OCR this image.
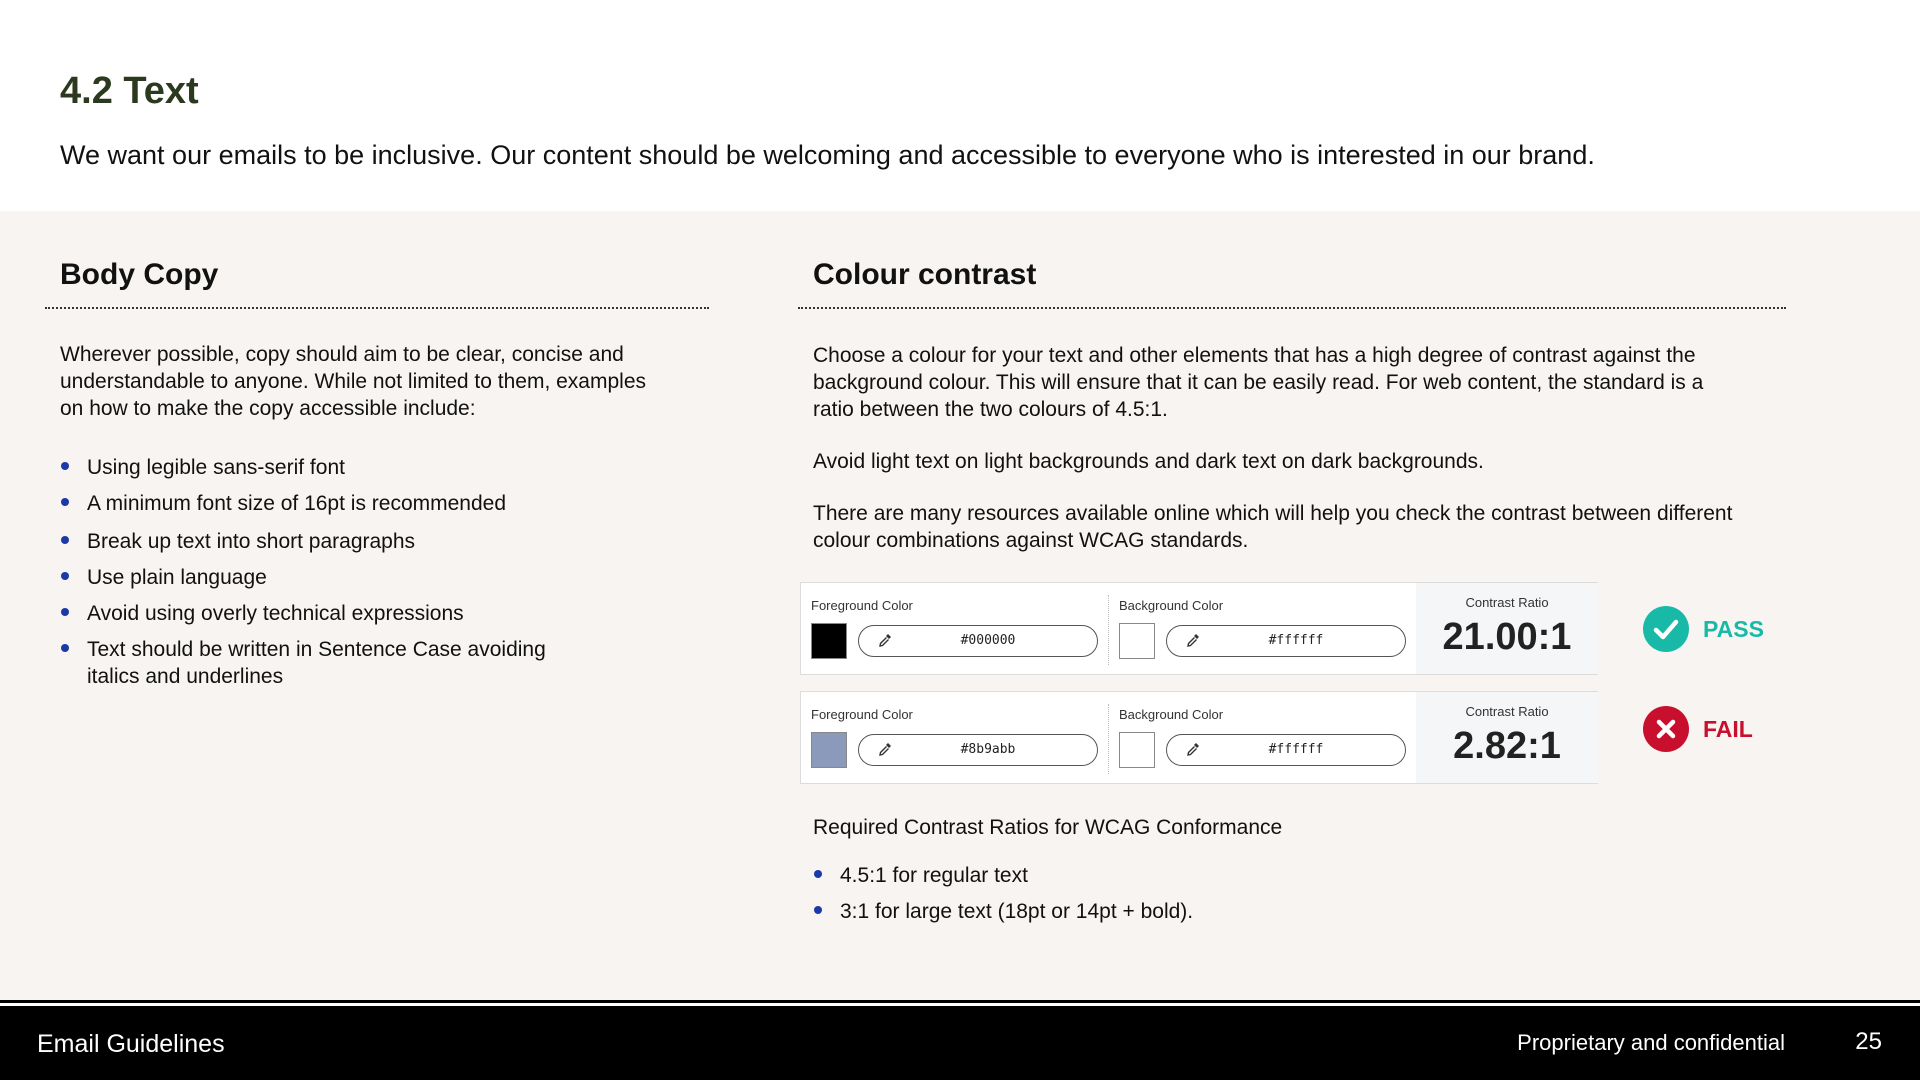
4.2 Text
We want our emails to be inclusive. Our content should be welcoming and accessible to everyone who is interested in our brand.
Body Copy
Wherever possible, copy should aim to be clear, concise and
understandable to anyone. While not limited to them, examples
on how to make the copy accessible include:
Using legible sans-serif font
A minimum font size of 16pt is recommended
Break up text into short paragraphs
Use plain language
Avoid using overly technical expressions
Text should be written in Sentence Case avoiding
italics and underlines
Colour contrast
Choose a colour for your text and other elements that has a high degree of contrast against the
background colour. This will ensure that it can be easily read. For web content, the standard is a
ratio between the two colours of 4.5:1.
Avoid light text on light backgrounds and dark text on dark backgrounds.
There are many resources available online which will help you check the contrast between different
colour combinations against WCAG standards.
Foreground Color
#000000
Background Color
#ffffff
Contrast Ratio
21.00:1	PASS
Foreground Color
#8b9abb
Background Color
#ffffff
Contrast Ratio
2.82:1	FAIL
Required Contrast Ratios for WCAG Conformance
4.5:1 for regular text
3:1 for large text (18pt or 14pt + bold).
Email Guidelines	Proprietary and confidential	25
